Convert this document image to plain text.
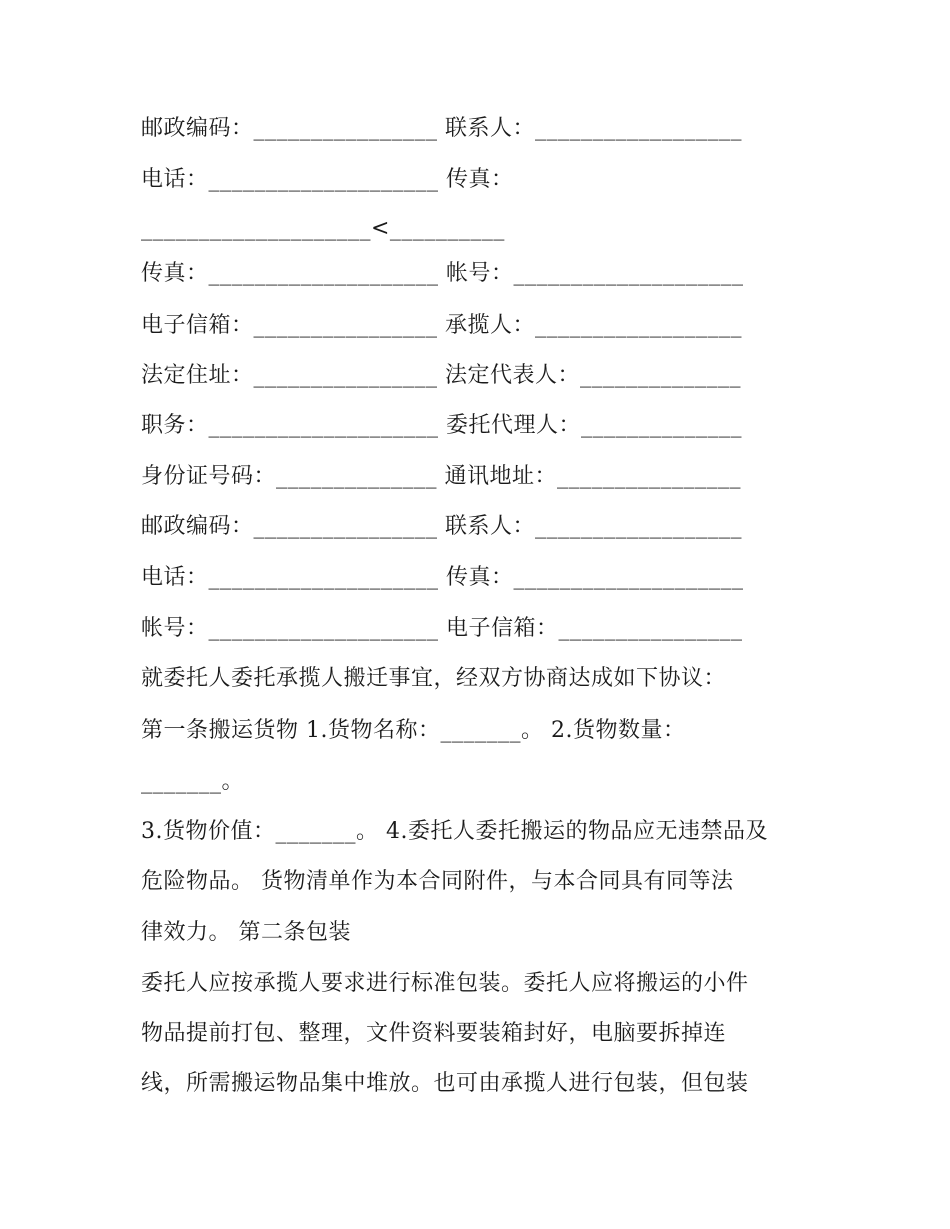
邮政编码：________________ 联系人：__________________
电话：____________________ 传真：
____________________<__________
传真：____________________ 帐号：____________________
电子信箱：________________ 承揽人：__________________
法定住址：________________ 法定代表人：______________
职务：____________________ 委托代理人：______________
身份证号码：______________ 通讯地址：________________
邮政编码：________________ 联系人：__________________
电话：____________________ 传真：____________________
帐号：____________________ 电子信箱：________________
就委托人委托承揽人搬迁事宜，经双方协商达成如下协议：
第一条搬运货物 1.货物名称：_______。 2.货物数量：
_______。
3.货物价值：_______。 4.委托人委托搬运的物品应无违禁品及
危险物品。 货物清单作为本合同附件，与本合同具有同等法
律效力。 第二条包装
委托人应按承揽人要求进行标准包装。委托人应将搬运的小件
物品提前打包、整理，文件资料要装箱封好，电脑要拆掉连
线，所需搬运物品集中堆放。也可由承揽人进行包装，但包装
